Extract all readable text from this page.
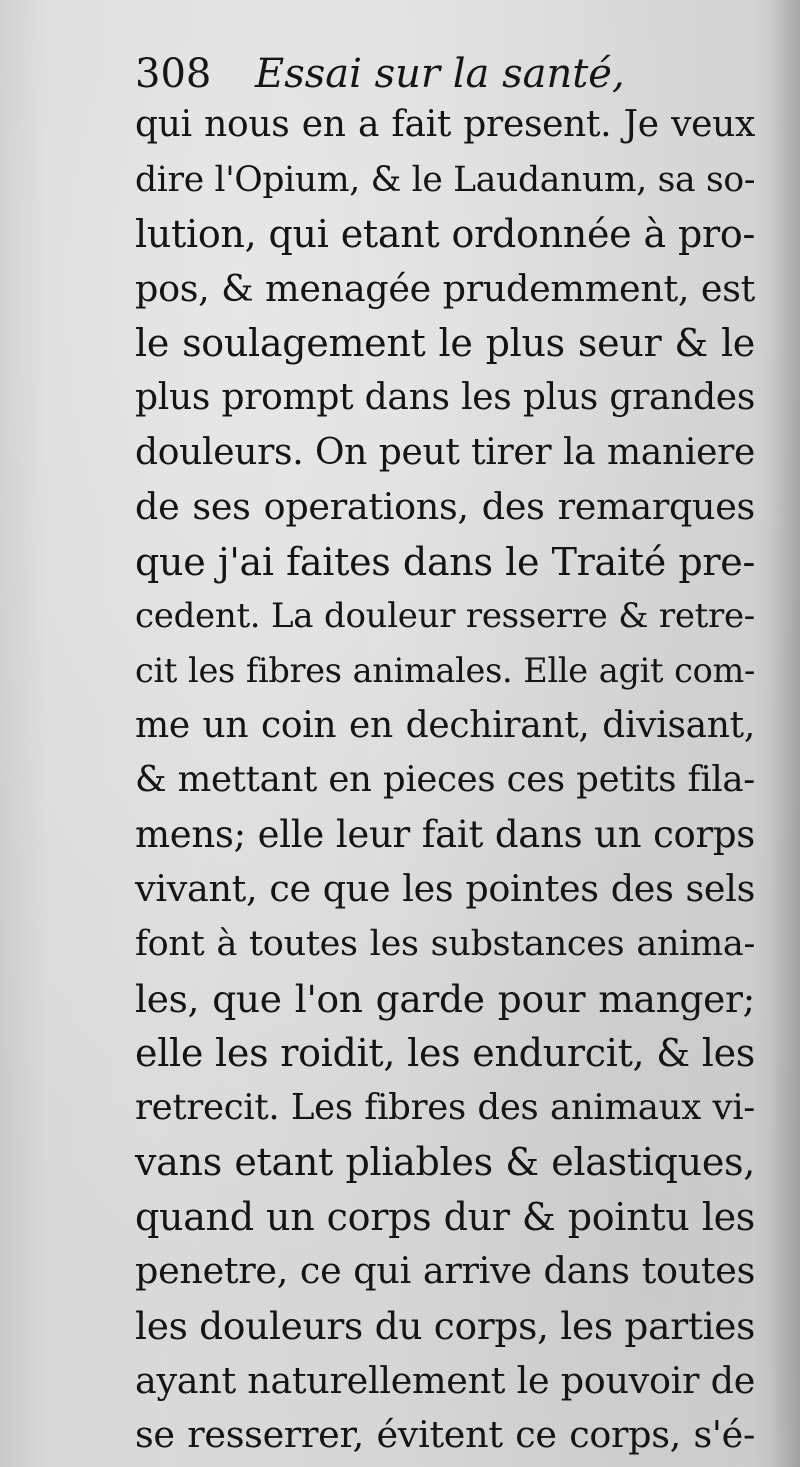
308 Essai sur la santé,
qui nous en a fait present. Je veux
dire l'Opium, & le Laudanum, sa so-
lution, qui etant ordonnée à pro-
pos, & menagée prudemment, est
le soulagement le plus seur & le
plus prompt dans les plus grandes
douleurs. On peut tirer la maniere
de ses operations, des remarques
que j'ai faites dans le Traité pre-
cedent. La douleur resserre & retre-
cit les fibres animales. Elle agit com-
me un coin en dechirant, divisant,
& mettant en pieces ces petits fila-
mens; elle leur fait dans un corps
vivant, ce que les pointes des sels
font à toutes les substances anima-
les, que l'on garde pour manger;
elle les roidit, les endurcit, & les
retrecit. Les fibres des animaux vi-
vans etant pliables & elastiques,
quand un corps dur & pointu les
penetre, ce qui arrive dans toutes
les douleurs du corps, les parties
ayant naturellement le pouvoir de
se resserrer, évitent ce corps, s'é-
